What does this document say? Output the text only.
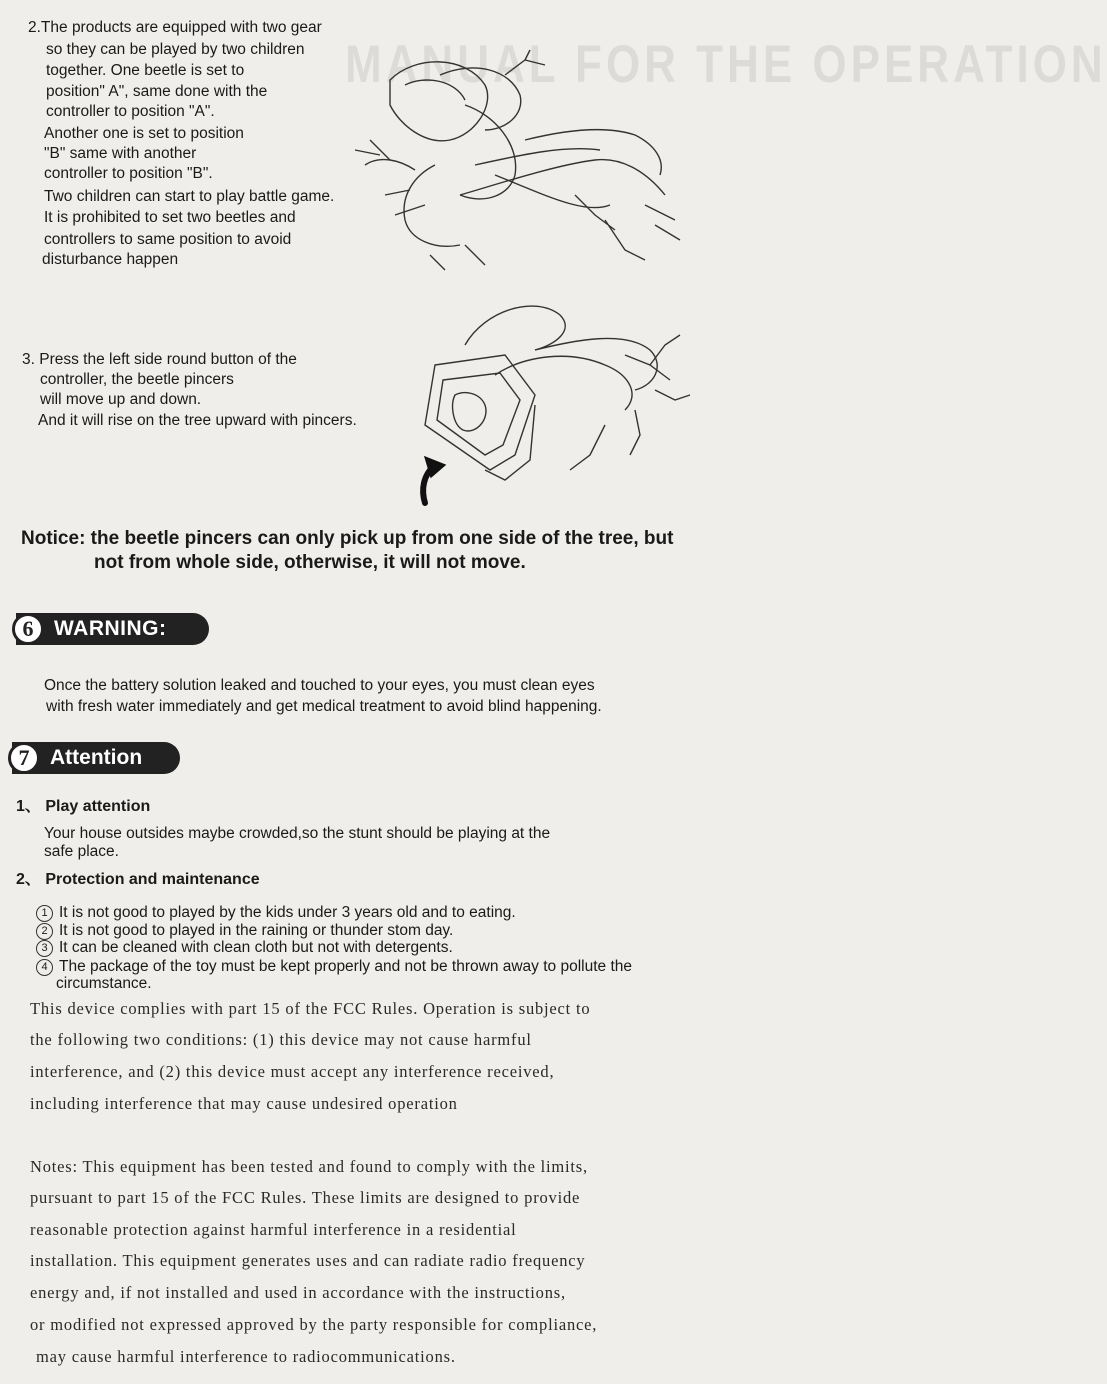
MANUAL FOR THE OPERATION
2.The products are equipped with two gear
so they can be played by two children
together. One beetle is set to
position" A", same done with the
controller to position "A".
Another one is set to position
"B" same with another
controller to position "B".
Two children can start to play battle game.
It is prohibited to set two beetles and
controllers to same position to avoid
disturbance happen
3. Press the left side round button of the
controller, the beetle pincers
will move up and down.
And it will rise on the tree upward with pincers.
Notice: the beetle pincers can only pick up from one side of the tree, but
not from whole side, otherwise, it will not move.
6 WARNING:
Once the battery solution leaked and touched to your eyes, you must clean eyes
with fresh water immediately and get medical treatment to avoid blind happening.
7 Attention
1、 Play attention
Your house outsides maybe crowded,so the stunt should be playing at the
safe place.
2、 Protection and maintenance
1 It is not good to played by the kids under 3 years old and to eating.
2 It is not good to played in the raining or thunder stom day.
3 It can be cleaned with clean cloth but not with detergents.
4 The package of the toy must be kept properly and not be thrown away to pollute the
circumstance.
This device complies with part 15 of the FCC Rules. Operation is subject to
the following two conditions: (1) this device may not cause harmful
interference, and (2) this device must accept any interference received,
including interference that may cause undesired operation
Notes: This equipment has been tested and found to comply with the limits,
pursuant to part 15 of the FCC Rules. These limits are designed to provide
reasonable protection against harmful interference in a residential
installation. This equipment generates uses and can radiate radio frequency
energy and, if not installed and used in accordance with the instructions,
or modified not expressed approved by the party responsible for compliance,
may cause harmful interference to radiocommunications.
